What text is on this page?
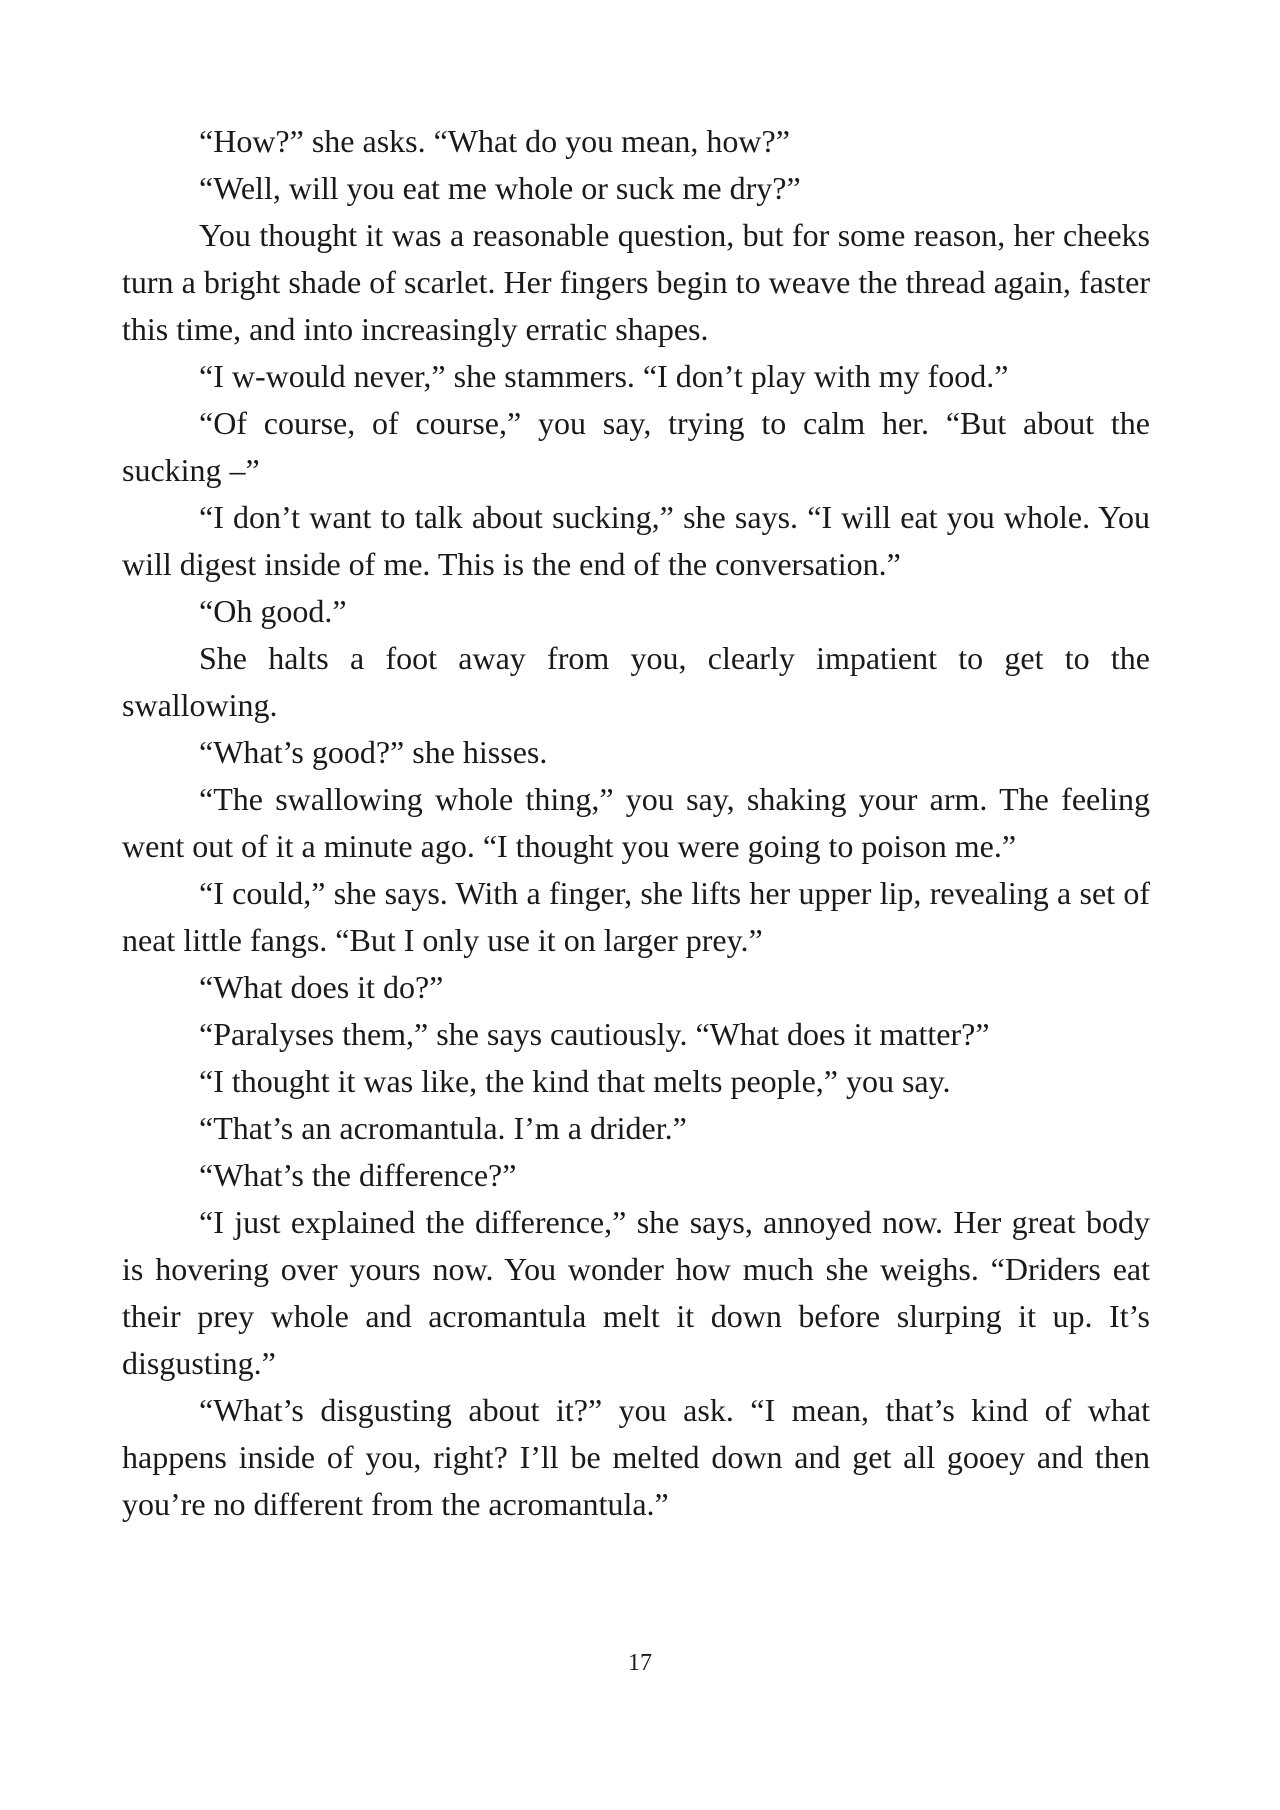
“How?” she asks. “What do you mean, how?”

“Well, will you eat me whole or suck me dry?”

You thought it was a reasonable question, but for some reason, her cheeks turn a bright shade of scarlet. Her fingers begin to weave the thread again, faster this time, and into increasingly erratic shapes.

“I w-would never,” she stammers. “I don’t play with my food.”

“Of course, of course,” you say, trying to calm her. “But about the sucking –”

“I don’t want to talk about sucking,” she says. “I will eat you whole. You will digest inside of me. This is the end of the conversation.”

“Oh good.”

She halts a foot away from you, clearly impatient to get to the swallowing.

“What’s good?” she hisses.

“The swallowing whole thing,” you say, shaking your arm. The feeling went out of it a minute ago. “I thought you were going to poison me.”

“I could,” she says. With a finger, she lifts her upper lip, revealing a set of neat little fangs. “But I only use it on larger prey.”

“What does it do?”

“Paralyses them,” she says cautiously. “What does it matter?”

“I thought it was like, the kind that melts people,” you say.

“That’s an acromantula. I’m a drider.”

“What’s the difference?”

“I just explained the difference,” she says, annoyed now. Her great body is hovering over yours now. You wonder how much she weighs. “Driders eat their prey whole and acromantula melt it down before slurping it up. It’s disgusting.”

“What’s disgusting about it?” you ask. “I mean, that’s kind of what happens inside of you, right? I’ll be melted down and get all gooey and then you’re no different from the acromantula.”

17
